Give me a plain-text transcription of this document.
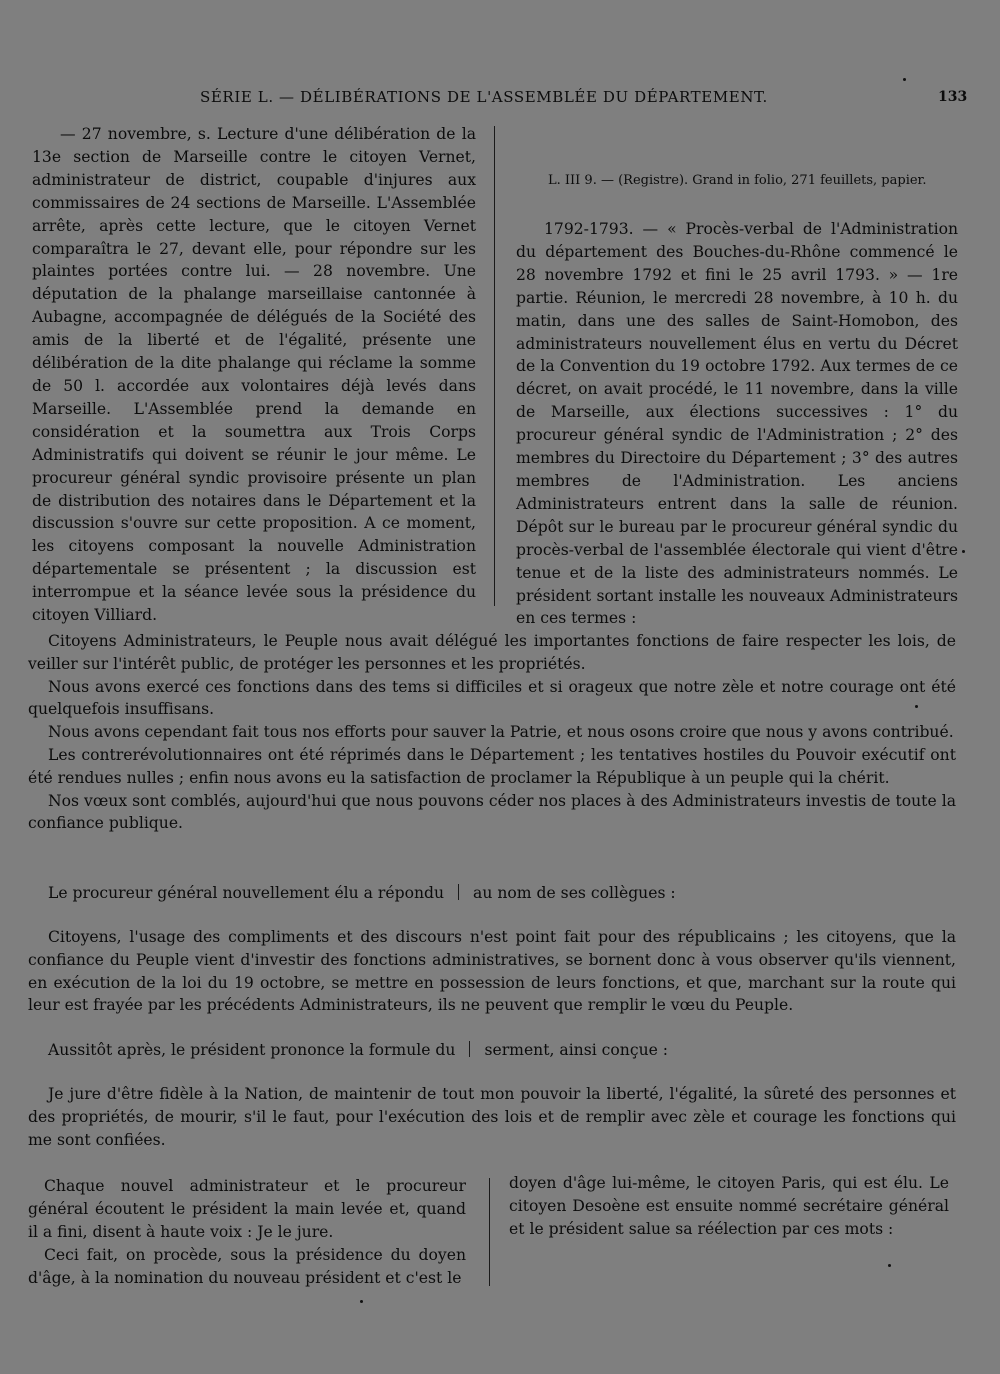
SÉRIE L. — DÉLIBÉRATIONS DE L'ASSEMBLÉE DU DÉPARTEMENT.	133

— 27 novembre, s. Lecture d'une délibération de la 13e section de Marseille contre le citoyen Vernet, administrateur de district, coupable d'injures aux commissaires de 24 sections de Marseille. L'Assemblée arrête, après cette lecture, que le citoyen Vernet comparaîtra le 27, devant elle, pour répondre sur les plaintes portées contre lui. — 28 novembre. Une députation de la phalange marseillaise cantonnée à Aubagne, accompagnée de délégués de la Société des amis de la liberté et de l'égalité, présente une délibération de la dite phalange qui réclame la somme de 50 l. accordée aux volontaires déjà levés dans Marseille. L'Assemblée prend la demande en considération et la soumettra aux Trois Corps Administratifs qui doivent se réunir le jour même. Le procureur général syndic provisoire présente un plan de distribution des notaires dans le Département et la discussion s'ouvre sur cette proposition. A ce moment, les citoyens composant la nouvelle Administration départementale se présentent ; la discussion est interrompue et la séance levée sous la présidence du citoyen Villiard.

L. III 9. — (Registre). Grand in folio, 271 feuillets, papier.

1792-1793. — « Procès-verbal de l'Administration du département des Bouches-du-Rhône commencé le 28 novembre 1792 et fini le 25 avril 1793. » — 1re partie. Réunion, le mercredi 28 novembre, à 10 h. du matin, dans une des salles de Saint-Homobon, des administrateurs nouvellement élus en vertu du Décret de la Convention du 19 octobre 1792. Aux termes de ce décret, on avait procédé, le 11 novembre, dans la ville de Marseille, aux élections successives : 1° du procureur général syndic de l'Administration ; 2° des membres du Directoire du Département ; 3° des autres membres de l'Administration. Les anciens Administrateurs entrent dans la salle de réunion. Dépôt sur le bureau par le procureur général syndic du procès-verbal de l'assemblée électorale qui vient d'être tenue et de la liste des administrateurs nommés. Le président sortant installe les nouveaux Administrateurs en ces termes :

Citoyens Administrateurs, le Peuple nous avait délégué les importantes fonctions de faire respecter les lois, de veiller sur l'intérêt public, de protéger les personnes et les propriétés.

Nous avons exercé ces fonctions dans des tems si difficiles et si orageux que notre zèle et notre courage ont été quelquefois insuffisans.

Nous avons cependant fait tous nos efforts pour sauver la Patrie, et nous osons croire que nous y avons contribué.

Les contrerévolutionnaires ont été réprimés dans le Département ; les tentatives hostiles du Pouvoir exécutif ont été rendues nulles ; enfin nous avons eu la satisfaction de proclamer la République à un peuple qui la chérit.

Nos vœux sont comblés, aujourd'hui que nous pouvons céder nos places à des Administrateurs investis de toute la confiance publique.

Le procureur général nouvellement élu a répondu au nom de ses collègues :

Citoyens, l'usage des compliments et des discours n'est point fait pour des républicains ; les citoyens, que la confiance du Peuple vient d'investir des fonctions administratives, se bornent donc à vous observer qu'ils viennent, en exécution de la loi du 19 octobre, se mettre en possession de leurs fonctions, et que, marchant sur la route qui leur est frayée par les précédents Administrateurs, ils ne peuvent que remplir le vœu du Peuple.

Aussitôt après, le président prononce la formule du serment, ainsi conçue :

Je jure d'être fidèle à la Nation, de maintenir de tout mon pouvoir la liberté, l'égalité, la sûreté des personnes et des propriétés, de mourir, s'il le faut, pour l'exécution des lois et de remplir avec zèle et courage les fonctions qui me sont confiées.

Chaque nouvel administrateur et le procureur général écoutent le président la main levée et, quand il a fini, disent à haute voix : Je le jure.

Ceci fait, on procède, sous la présidence du doyen d'âge, à la nomination du nouveau président et c'est le

doyen d'âge lui-même, le citoyen Paris, qui est élu. Le citoyen Desoène est ensuite nommé secrétaire général et le président salue sa réélection par ces mots :
